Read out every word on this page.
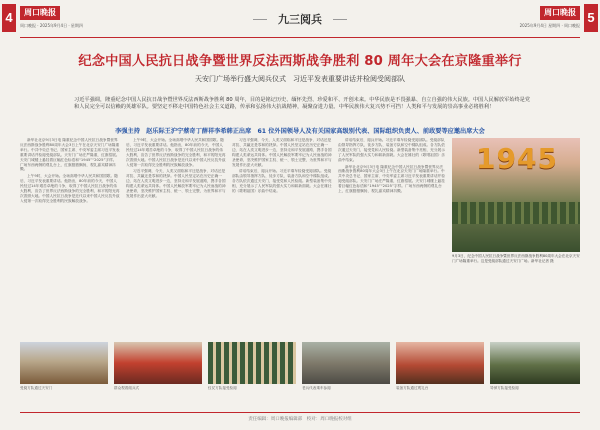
4	周口晚报
周口晚报 · 2025年9月4日 · 星期四	九三阅兵	2025年9月4日 星期四 · 周口晚报
周口晚报 5
纪念中国人民抗日战争暨世界反法西斯战争胜利 80 周年大会在京隆重举行
天安门广场举行盛大阅兵仪式　习近平发表重要讲话并检阅受阅部队
习近平强调，隆重纪念中国人民抗日战争暨世界反法西斯战争胜利 80 周年，目的是铭记历史、缅怀先烈、珍爱和平、开创未来。中华民族是不畏强暴、自立自强的伟大民族。中国人民解放军始终是党和人民完全可以信赖的英雄军队。要坚定不移走中国特色社会主义道路，传承和弘扬伟大抗战精神，凝聚奋进力量。中华民族伟大复兴势不可挡！人类和平与发展的崇高事业必将胜利！
李强主持　赵乐际王沪宁蔡奇丁薛祥李希韩正出席　61 位外国领导人及有关国家高级别代表、国际组织负责人、前政要等应邀出席大会

新华社北京9月3日电 隆重纪念中国人民抗日战争暨世界反法西斯战争胜利80周年大会3日上午在北京天安门广场隆重举行。中共中央总书记、国家主席、中央军委主席习近平发表重要讲话并检阅受阅部队。天安门广场庄严隆重，红旗招展。天安门城楼上悬挂着巨幅红色标语和“1945”“2025”字样。广场东西两侧的观礼台上，红旗猎猎飘扬，观礼嘉宾精神抖擞。

上午9时，大会开始。全场高唱中华人民共和国国歌。随后，习近平发表重要讲话。他指出，80年前的今天，中国人民经过14年艰苦卓绝的斗争，取得了中国人民抗日战争的伟大胜利，宣告了世界反法西斯战争的完全胜利，和平的阳光再次普照大地。中国人民抗日战争是近代以来中国人民反抗外敌入侵第一次取得完全胜利的民族解放战争。

上午9时，大会开始。全场高唱中华人民共和国国歌。随后，习近平发表重要讲话。他指出，80年前的今天，中国人民经过14年艰苦卓绝的斗争，取得了中国人民抗日战争的伟大胜利，宣告了世界反法西斯战争的完全胜利，和平的阳光再次普照大地。中国人民抗日战争是近代以来中国人民反抗外敌入侵第一次取得完全胜利的民族解放战争。

习近平强调，今天，人类又面临和平还是战争、对话还是对抗、共赢还是零和的抉择。中国人民坚定站在历史正确一边、站在人类文明进步一边，坚持走和平发展道路，携手各国构建人类命运共同体。中国人民解放军要牢记为人民而战的神圣使命，坚决维护国家主权、统一、领土完整，为世界和平与发展作出更大贡献。

习近平强调，今天，人类又面临和平还是战争、对话还是对抗、共赢还是零和的抉择。中国人民坚定站在历史正确一边、站在人类文明进步一边，坚持走和平发展道路，携手各国构建人类命运共同体。中国人民解放军要牢记为人民而战的神圣使命，坚决维护国家主权、统一、领土完整，为世界和平与发展作出更大贡献。

讲话结束后，阅兵开始。习近平乘车检阅受阅部队。受阅部队由领导指挥方队、徒步方队、装备方队和空中梯队组成。各方队依次通过天安门，接受党和人民检阅。新型装备集中亮相，充分展示了人民军队的强大实力和崭新面貌。大会在雄壮的《歌唱祖国》乐曲中结束。

讲话结束后，阅兵开始。习近平乘车检阅受阅部队。受阅部队由领导指挥方队、徒步方队、装备方队和空中梯队组成。各方队依次通过天安门，接受党和人民检阅。新型装备集中亮相，充分展示了人民军队的强大实力和崭新面貌。大会在雄壮的《歌唱祖国》乐曲中结束。

新华社北京9月3日电 隆重纪念中国人民抗日战争暨世界反法西斯战争胜利80周年大会3日上午在北京天安门广场隆重举行。中共中央总书记、国家主席、中央军委主席习近平发表重要讲话并检阅受阅部队。天安门广场庄严隆重，红旗招展。天安门城楼上悬挂着巨幅红色标语和“1945”“2025”字样。广场东西两侧的观礼台上，红旗猎猎飘扬，观礼嘉宾精神抖擞。

1945
9月3日，纪念中国人民抗日战争暨世界反法西斯战争胜利80周年大会在北京天安门广场隆重举行。这是受阅部队通过天安门广场。新华社记者 摄
受阅方队通过天安门	群众观看阅兵式	仪仗方队接受检阅	老兵代表乘车参阅	装备方队通过观礼台	导弹方队接受检阅
责任编辑：周口晚报编辑部　校对：周口晚报校对组
